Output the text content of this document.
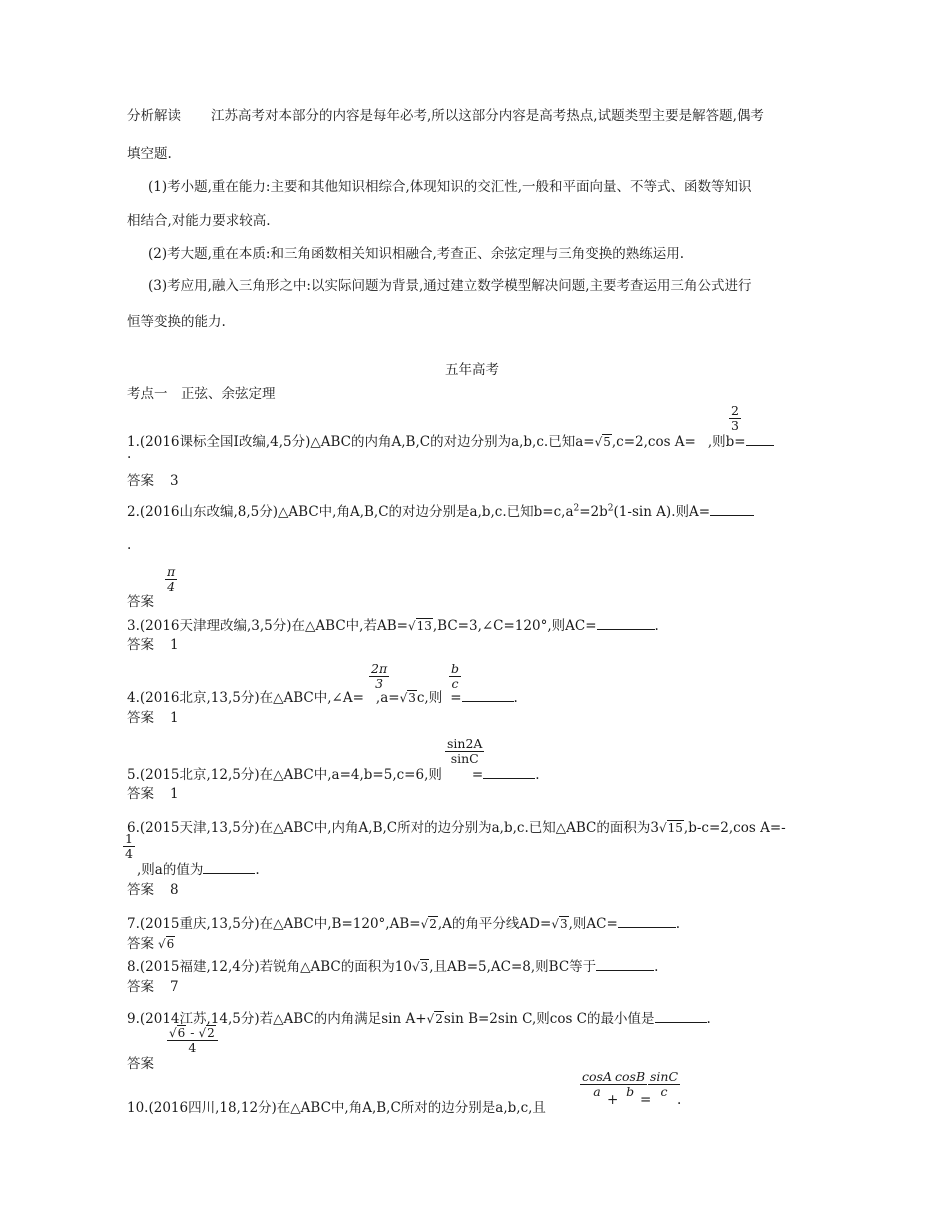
分析解读 江苏高考对本部分的内容是每年必考,所以这部分内容是高考热点,试题类型主要是解答题,偶考
填空题.
(1)考小题,重在能力:主要和其他知识相综合,体现知识的交汇性,一般和平面向量、不等式、函数等知识
相结合,对能力要求较高.
(2)考大题,重在本质:和三角函数相关知识相融合,考查正、余弦定理与三角变换的熟练运用.
(3)考应用,融入三角形之中:以实际问题为背景,通过建立数学模型解决问题,主要考查运用三角公式进行
恒等变换的能力.
五年高考
考点一　正弦、余弦定理
1.(2016课标全国Ⅰ改编,4,5分)△ABC的内角A,B,C的对边分别为a,b,c.已知a=√5,c=2,cos A= ,则b=
$\frac{2}{3}$
.
答案 3
2.(2016山东改编,8,5分)△ABC中,角A,B,C的对边分别是a,b,c.已知$b=c,a^2=2b^2(1-\sin$ A).则A=
.
答案
$\frac{\pi}{4}$
3.(2016天津理改编,3,5分)在△ABC中,若AB=√13,BC=3,∠C=120°,则AC=	.
答案 1
4.(2016北京,13,5分)在△ABC中,∠A= ,a=√3c,则 =	.
$\frac{2\pi}{3}$	$\frac{b}{c}$
答案 1
5.(2015北京,12,5分)在△ABC中,a=4,b=5,c=6,则 =	.
$\frac{\sin 2A}{\sin C}$
答案 1
6.(2015天津,13,5分)在△ABC中,内角A,B,C所对的边分别为a,b,c.已知△ABC的面积为3√15,b-c=2,cos A=-
$\frac{1}{4}$
,则a的值为	.
答案 8
7.(2015重庆,13,5分)在△ABC中,B=120°,AB=√2,A的角平分线AD=√3,则AC=	.
答案 √6
8.(2015福建,12,4分)若锐角△ABC的面积为10√3,且AB=5,AC=8,则BC等于	.
答案 7
9.(2014江苏,14,5分)若△ABC的内角满足sin A+√2sin B=2sin C,则cos C的最小值是	.
答案
$\frac{√6 - √2}{4}$
10.(2016四川,18,12分)在△ABC中,角A,B,C所对的边分别是a,b,c,且
$\frac{\cos A}{a}$
+
$\frac{\cos B}{b}$
=
$\frac{\sin C}{c}$
.
